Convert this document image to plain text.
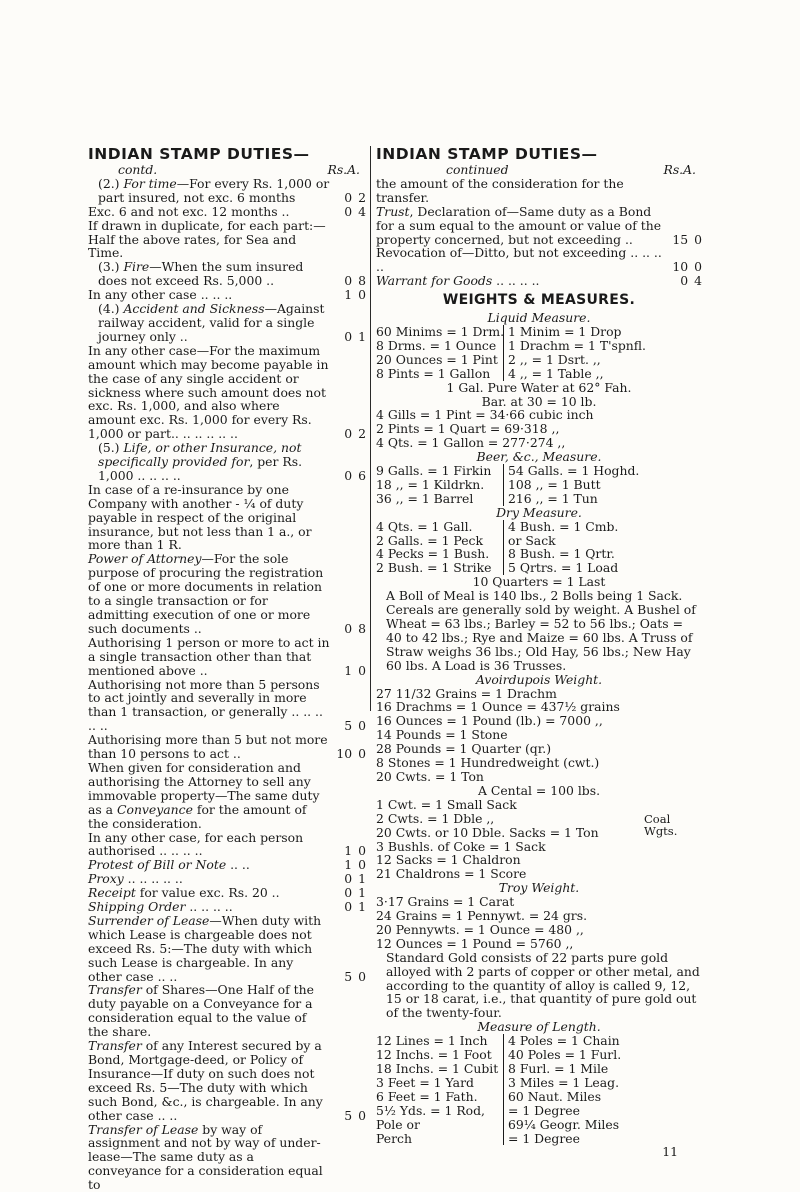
INDIAN STAMP DUTIES—
contd.	Rs.A.
(2.) For time—For every Rs. 1,000 or part insured, not exc. 6 months	0 2
Exc. 6 and not exc. 12 months ..	0 4
If drawn in duplicate, for each part:—Half the above rates, for Sea and Time.
(3.) Fire—When the sum insured does not exceed Rs. 5,000 ..	0 8
In any other case .. .. ..	1 0
(4.) Accident and Sickness—Against railway accident, valid for a single journey only ..	0 1
In any other case—For the maximum amount which may become payable in the case of any single accident or sickness where such amount does not exc. Rs. 1,000, and also where amount exc. Rs. 1,000 for every Rs. 1,000 or part.. .. .. .. .. ..	0 2
(5.) Life, or other Insurance, not specifically provided for, per Rs. 1,000 .. .. .. ..	0 6
In case of a re-insurance by one Company with another - ¼ of duty payable in respect of the original insurance, but not less than 1 a., or more than 1 R.
Power of Attorney—For the sole purpose of procuring the registration of one or more documents in relation to a single transaction or for admitting execution of one or more such documents ..	0 8
Authorising 1 person or more to act in a single transaction other than that mentioned above ..	1 0
Authorising not more than 5 persons to act jointly and severally in more than 1 transaction, or generally .. .. .. .. ..	5 0
Authorising more than 5 but not more than 10 persons to act ..	10 0
When given for consideration and authorising the Attorney to sell any immovable property—The same duty as a Conveyance for the amount of the consideration.
In any other case, for each person authorised .. .. .. ..	1 0
Protest of Bill or Note .. ..	1 0
Proxy .. .. .. .. ..	0 1
Receipt for value exc. Rs. 20 ..	0 1
Shipping Order .. .. .. ..	0 1
Surrender of Lease—When duty with which Lease is chargeable does not exceed Rs. 5:—The duty with which such Lease is chargeable. In any other case .. ..	5 0
Transfer of Shares—One Half of the duty payable on a Conveyance for a consideration equal to the value of the share.
Transfer of any Interest secured by a Bond, Mortgage-deed, or Policy of Insurance—If duty on such does not exceed Rs. 5—The duty with which such Bond, &c., is chargeable. In any other case .. ..	5 0
Transfer of Lease by way of assignment and not by way of under-lease—The same duty as a conveyance for a consideration equal to
INDIAN STAMP DUTIES—
continued	Rs.A.
the amount of the consideration for the transfer.
Trust, Declaration of—Same duty as a Bond for a sum equal to the amount or value of the property concerned, but not exceeding ..	15 0
Revocation of—Ditto, but not exceeding .. .. .. ..	10 0
Warrant for Goods .. .. .. ..	0 4
WEIGHTS & MEASURES.
Liquid Measure.
60 Minims = 1 Drm. 1 Minim = 1 Drop
8 Drms. = 1 Ounce 1 Drachm = 1 T'spnfl.
20 Ounces = 1 Pint 2 ,, = 1 Dsrt. ,,
8 Pints = 1 Gallon	4 ,, = 1 Table ,,
1 Gal. Pure Water at 62° Fah.
Bar. at 30 = 10 lb.
4 Gills = 1 Pint = 34·66 cubic inch
2 Pints = 1 Quart = 69·318 ,,
4 Qts. = 1 Gallon = 277·274 ,,
Beer, &c., Measure.
9 Galls. = 1 Firkin	54 Galls. = 1 Hoghd.
18 ,, = 1 Kildrkn.	108 ,, = 1 Butt
36 ,, = 1 Barrel	216 ,, = 1 Tun
Dry Measure.
4 Qts. = 1 Gall.	4 Bush. = 1 Cmb.
2 Galls. = 1 Peck	or Sack
4 Pecks = 1 Bush.	8 Bush. = 1 Qrtr.
2 Bush. = 1 Strike	5 Qrtrs. = 1 Load
10 Quarters = 1 Last
A Boll of Meal is 140 lbs., 2 Bolls being 1 Sack. Cereals are generally sold by weight. A Bushel of Wheat = 63 lbs.; Barley = 52 to 56 lbs.; Oats = 40 to 42 lbs.; Rye and Maize = 60 lbs. A Truss of Straw weighs 36 lbs.; Old Hay, 56 lbs.; New Hay 60 lbs. A Load is 36 Trusses.
Avoirdupois Weight.
27 11/32 Grains = 1 Drachm
16 Drachms = 1 Ounce = 437½ grains
16 Ounces = 1 Pound (lb.) = 7000 ,,
14 Pounds = 1 Stone
28 Pounds = 1 Quarter (qr.)
8 Stones = 1 Hundredweight (cwt.)
20 Cwts. = 1 Ton
A Cental = 100 lbs.
1 Cwt. = 1 Small Sack
2 Cwts. = 1 Dble ,,
20 Cwts. or 10 Dble. Sacks = 1 Ton
3 Bushls. of Coke = 1 Sack
12 Sacks = 1 Chaldron
21 Chaldrons = 1 Score
Coal Wgts.
Troy Weight.
3·17 Grains = 1 Carat
24 Grains = 1 Pennywt. = 24 grs.
20 Pennywts. = 1 Ounce = 480 ,,
12 Ounces = 1 Pound = 5760 ,,
Standard Gold consists of 22 parts pure gold alloyed with 2 parts of copper or other metal, and according to the quantity of alloy is called 9, 12, 15 or 18 carat, i.e., that quantity of pure gold out of the twenty-four.
Measure of Length.
12 Lines = 1 Inch	4 Poles = 1 Chain
12 Inchs. = 1 Foot	40 Poles = 1 Furl.
18 Inchs. = 1 Cubit 8 Furl. = 1 Mile
3 Feet = 1 Yard	3 Miles = 1 Leag.
6 Feet = 1 Fath.	60 Naut. Miles
5½ Yds. = 1 Rod,	= 1 Degree
Pole or	69¼ Geogr. Miles
Perch	= 1 Degree
11
